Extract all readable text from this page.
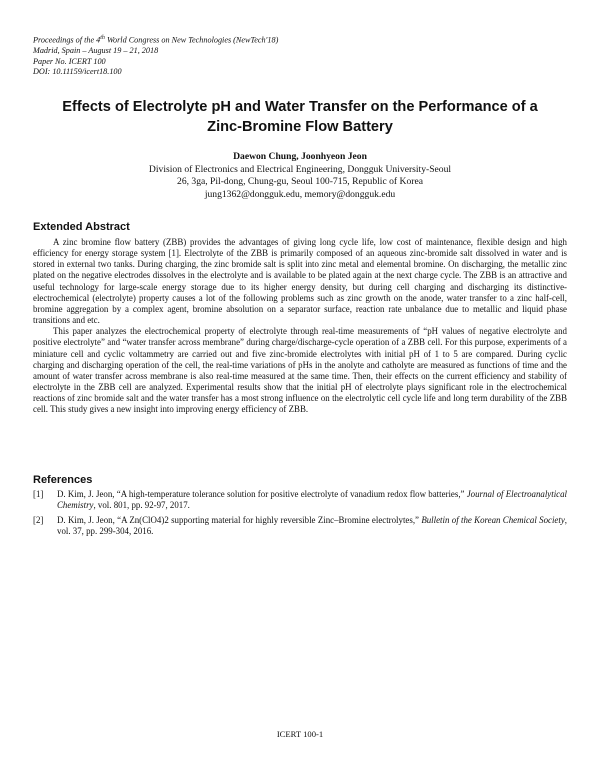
Proceedings of the 4th World Congress on New Technologies (NewTech'18)
Madrid, Spain – August 19 – 21, 2018
Paper No. ICERT 100
DOI: 10.11159/icert18.100
Effects of Electrolyte pH and Water Transfer on the Performance of a Zinc-Bromine Flow Battery
Daewon Chung, Joonhyeon Jeon
Division of Electronics and Electrical Engineering, Dongguk University-Seoul
26, 3ga, Pil-dong, Chung-gu, Seoul 100-715, Republic of Korea
jung1362@dongguk.edu, memory@dongguk.edu
Extended Abstract

A zinc bromine flow battery (ZBB) provides the advantages of giving long cycle life, low cost of maintenance, flexible design and high efficiency for energy storage system [1]. Electrolyte of the ZBB is primarily composed of an aqueous zinc-bromide salt dissolved in water and is stored in external two tanks. During charging, the zinc bromide salt is split into zinc metal and elemental bromine. On discharging, the metallic zinc plated on the negative electrodes dissolves in the electrolyte and is available to be plated again at the next charge cycle. The ZBB is an attractive and useful technology for large-scale energy storage due to its higher energy density, but during cell charging and discharging its distinctive-electrochemical (electrolyte) property causes a lot of the following problems such as zinc growth on the anode, water transfer to a zinc half-cell, bromine aggregation by a complex agent, bromine absolution on a separator surface, reaction rate unbalance due to metallic and liquid phase transitions and etc.

This paper analyzes the electrochemical property of electrolyte through real-time measurements of “pH values of negative electrolyte and positive electrolyte” and “water transfer across membrane” during charge/discharge-cycle operation of a ZBB cell. For this purpose, experiments of a miniature cell and cyclic voltammetry are carried out and five zinc-bromide electrolytes with initial pH of 1 to 5 are compared. During cyclic charging and discharging operation of the cell, the real-time variations of pHs in the anolyte and catholyte are measured as functions of time and the amount of water transfer across membrane is also real-time measured at the same time. Then, their effects on the current efficiency and stability of electrolyte in the ZBB cell are analyzed. Experimental results show that the initial pH of electrolyte plays significant role in the electrochemical reactions of zinc bromide salt and the water transfer has a most strong influence on the electrolytic cell cycle life and long term durability of the ZBB cell. This study gives a new insight into improving energy efficiency of ZBB.

References
[1] D. Kim, J. Jeon, “A high-temperature tolerance solution for positive electrolyte of vanadium redox flow batteries,” Journal of Electroanalytical Chemistry, vol. 801, pp. 92-97, 2017.
[2] D. Kim, J. Jeon, “A Zn(ClO4)2 supporting material for highly reversible Zinc–Bromine electrolytes,” Bulletin of the Korean Chemical Society, vol. 37, pp. 299-304, 2016.
ICERT 100-1
